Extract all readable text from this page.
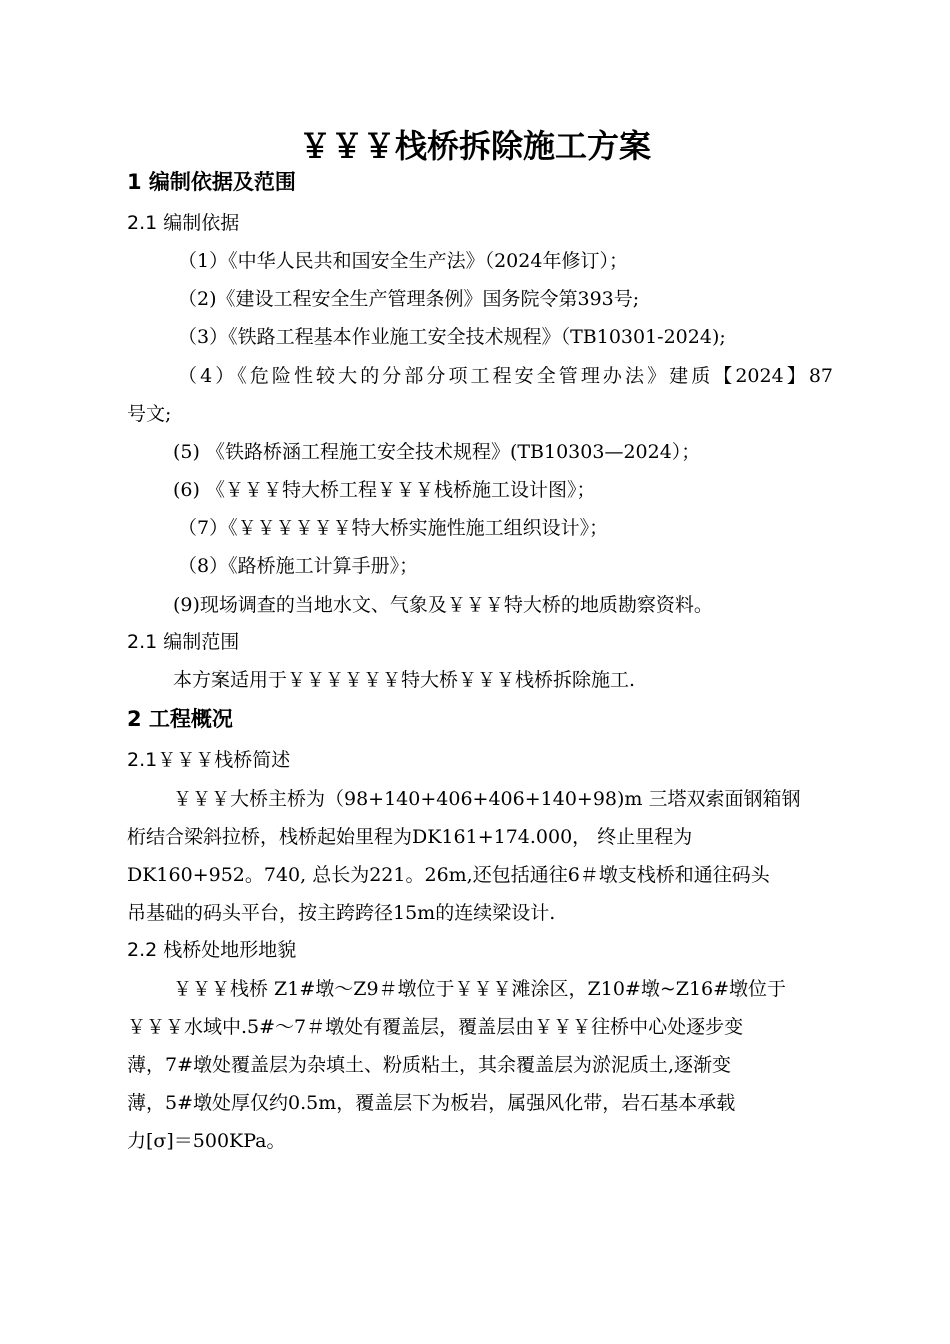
￥￥￥栈桥拆除施工方案
1 编制依据及范围
2.1 编制依据
（1）《中华人民共和国安全生产法》（2024年修订）；
（2)《建设工程安全生产管理条例》国务院令第393号;
（3）《铁路工程基本作业施工安全技术规程》（TB10301-2024);
（4）《危险性较大的分部分项工程安全管理办法》建质【2024】87
号文;
(5) 《铁路桥涵工程施工安全技术规程》(TB10303—2024）；
(6) 《￥￥￥特大桥工程￥￥￥栈桥施工设计图》；
（7）《￥￥￥￥￥￥特大桥实施性施工组织设计》；
（8）《路桥施工计算手册》；
(9)现场调查的当地水文、气象及￥￥￥特大桥的地质勘察资料。
2.1 编制范围
本方案适用于￥￥￥￥￥￥特大桥￥￥￥栈桥拆除施工.
2 工程概况
2.1￥￥￥栈桥简述
￥￥￥大桥主桥为（98+140+406+406+140+98)m 三塔双索面钢箱钢
桁结合梁斜拉桥，栈桥起始里程为DK161+174.000， 终止里程为
DK160+952。740, 总长为221。26m,还包括通往6＃墩支栈桥和通往码头
吊基础的码头平台，按主跨跨径15m的连续梁设计.
2.2 栈桥处地形地貌
￥￥￥栈桥 Z1#墩～Z9＃墩位于￥￥￥滩涂区，Z10#墩~Z16#墩位于
￥￥￥水域中.5#～7＃墩处有覆盖层，覆盖层由￥￥￥往桥中心处逐步变
薄，7#墩处覆盖层为杂填土、粉质粘土，其余覆盖层为淤泥质土,逐渐变
薄，5#墩处厚仅约0.5m，覆盖层下为板岩，属强风化带，岩石基本承载
力[σ]＝500KPa。
